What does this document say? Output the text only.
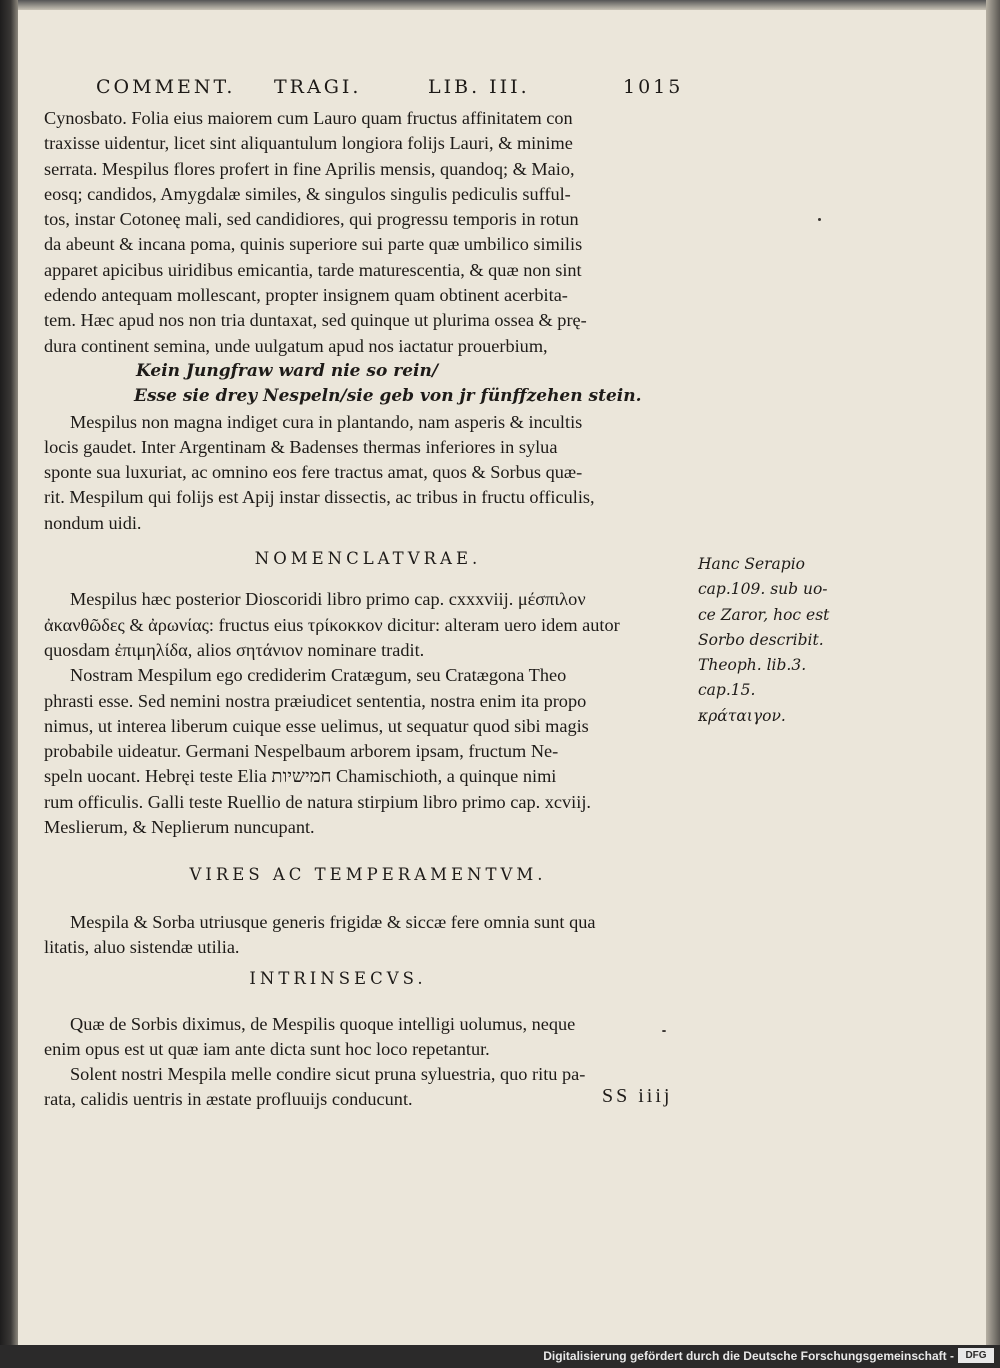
COMMENT. TRAGI.	LIB. III.	1015
Cynosbato. Folia eius maiorem cum Lauro quam fructus affinitatem con
traxisse uidentur, licet sint aliquantulum longiora folijs Lauri, & minime
serrata. Mespilus flores profert in fine Aprilis mensis, quandoq; & Maio,
eosq; candidos, Amygdalæ similes, & singulos singulis pediculis sufful-
tos, instar Cotoneę mali, sed candidiores, qui progressu temporis in rotun
da abeunt & incana poma, quinis superiore sui parte quæ umbilico similis
apparet apicibus uiridibus emicantia, tarde maturescentia, & quæ non sint
edendo antequam mollescant, propter insignem quam obtinent acerbita-
tem. Hæc apud nos non tria duntaxat, sed quinque ut plurima ossea & prę-
dura continent semina, unde uulgatum apud nos iactatur prouerbium,
Kein Jungfraw ward nie so rein/
Esse sie drey Nespeln/sie geb von jr fünffzehen stein.
Mespilus non magna indiget cura in plantando, nam asperis & incultis
locis gaudet. Inter Argentinam & Badenses thermas inferiores in sylua
sponte sua luxuriat, ac omnino eos fere tractus amat, quos & Sorbus quæ-
rit. Mespilum qui folijs est Apij instar dissectis, ac tribus in fructu officulis,
nondum uidi.
NOMENCLATVRAE.
Mespilus hæc posterior Dioscoridi libro primo cap. cxxxviij. μέσπιλον
ἀκανθῶδες & ἀρωνίας: fructus eius τρίκοκκον dicitur: alteram uero idem autor
quosdam ἐπιμηλίδα, alios σητάνιον nominare tradit.
Nostram Mespilum ego crediderim Cratægum, seu Cratægona Theo
phrasti esse. Sed nemini nostra præiudicet sententia, nostra enim ita propo
nimus, ut interea liberum cuique esse uelimus, ut sequatur quod sibi magis
probabile uideatur. Germani Nespelbaum arborem ipsam, fructum Ne-
speln uocant. Hebręi teste Elia חמישיות Chamischioth, a quinque nimi
rum officulis. Galli teste Ruellio de natura stirpium libro primo cap. xcviij.
Meslierum, & Neplierum nuncupant.
VIRES AC TEMPERAMENTVM.
Mespila & Sorba utriusque generis frigidæ & siccæ fere omnia sunt qua
litatis, aluo sistendæ utilia.
INTRINSECVS.
Quæ de Sorbis diximus, de Mespilis quoque intelligi uolumus, neque
enim opus est ut quæ iam ante dicta sunt hoc loco repetantur.
Solent nostri Mespila melle condire sicut pruna syluestria, quo ritu pa-
rata, calidis uentris in æstate profluuijs conducunt.
Hanc Serapio
cap.109. sub uo-
ce Zaror, hoc est
Sorbo describit.
Theoph. lib.3.
cap.15.
κράταιγον.
SS iiij
Digitalisierung gefördert durch die Deutsche Forschungsgemeinschaft -	DFG
